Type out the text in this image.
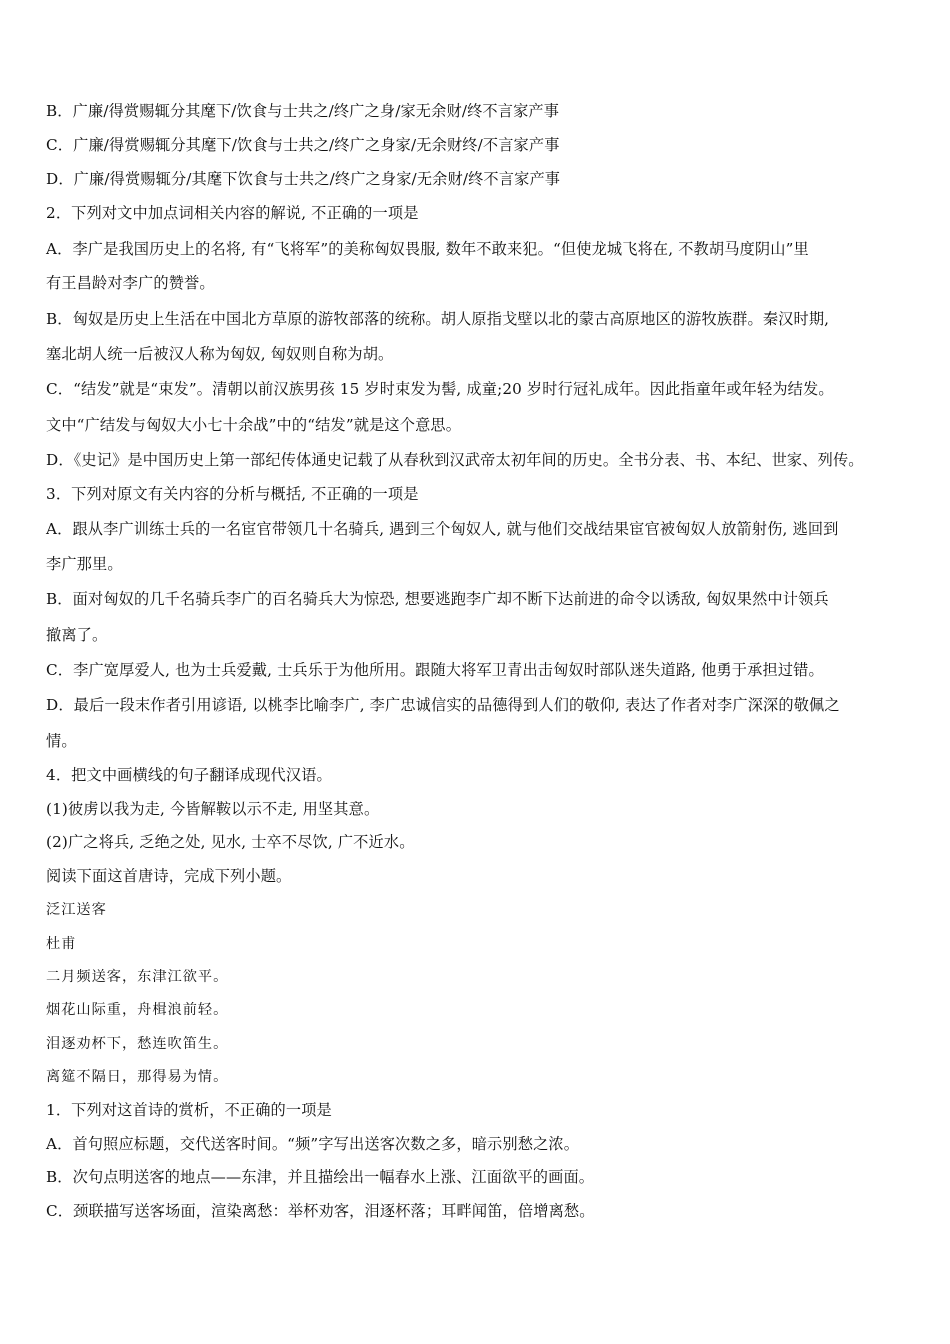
B．广廉/得赏赐辄分其麾下/饮食与士共之/终广之身/家无余财/终不言家产事
C．广廉/得赏赐辄分其麾下/饮食与士共之/终广之身家/无余财终/不言家产事
D．广廉/得赏赐辄分/其麾下饮食与士共之/终广之身家/无余财/终不言家产事
2．下列对文中加点词相关内容的解说, 不正确的一项是
A．李广是我国历史上的名将, 有“飞将军”的美称匈奴畏服, 数年不敢来犯。“但使龙城飞将在, 不教胡马度阴山”里
有王昌龄对李广的赞誉。
B．匈奴是历史上生活在中国北方草原的游牧部落的统称。胡人原指戈壁以北的蒙古高原地区的游牧族群。秦汉时期,
塞北胡人统一后被汉人称为匈奴, 匈奴则自称为胡。
C．“结发”就是“束发”。清朝以前汉族男孩 15 岁时束发为髻, 成童;20 岁时行冠礼成年。因此指童年或年轻为结发。
文中“广结发与匈奴大小七十余战”中的“结发”就是这个意思。
D．《史记》是中国历史上第一部纪传体通史记载了从春秋到汉武帝太初年间的历史。全书分表、书、本纪、世家、列传。
3．下列对原文有关内容的分析与概括, 不正确的一项是
A．跟从李广训练士兵的一名宦官带领几十名骑兵, 遇到三个匈奴人, 就与他们交战结果宦官被匈奴人放箭射伤, 逃回到
李广那里。
B．面对匈奴的几千名骑兵李广的百名骑兵大为惊恐, 想要逃跑李广却不断下达前进的命令以诱敌, 匈奴果然中计领兵
撤离了。
C．李广宽厚爱人, 也为士兵爱戴, 士兵乐于为他所用。跟随大将军卫青出击匈奴时部队迷失道路, 他勇于承担过错。
D．最后一段末作者引用谚语, 以桃李比喻李广, 李广忠诚信实的品德得到人们的敬仰, 表达了作者对李广深深的敬佩之
情。
4．把文中画横线的句子翻译成现代汉语。
(1)彼虏以我为走, 今皆解鞍以示不走, 用坚其意。
(2)广之将兵, 乏绝之处, 见水, 士卒不尽饮, 广不近水。
阅读下面这首唐诗，完成下列小题。
泛江送客
杜甫
二月频送客，东津江欲平。
烟花山际重，舟楫浪前轻。
泪逐劝杯下，愁连吹笛生。
离筵不隔日，那得易为情。
1．下列对这首诗的赏析，不正确的一项是
A．首句照应标题，交代送客时间。“频”字写出送客次数之多，暗示别愁之浓。
B．次句点明送客的地点——东津，并且描绘出一幅春水上涨、江面欲平的画面。
C．颈联描写送客场面，渲染离愁：举杯劝客，泪逐杯落；耳畔闻笛，倍增离愁。
